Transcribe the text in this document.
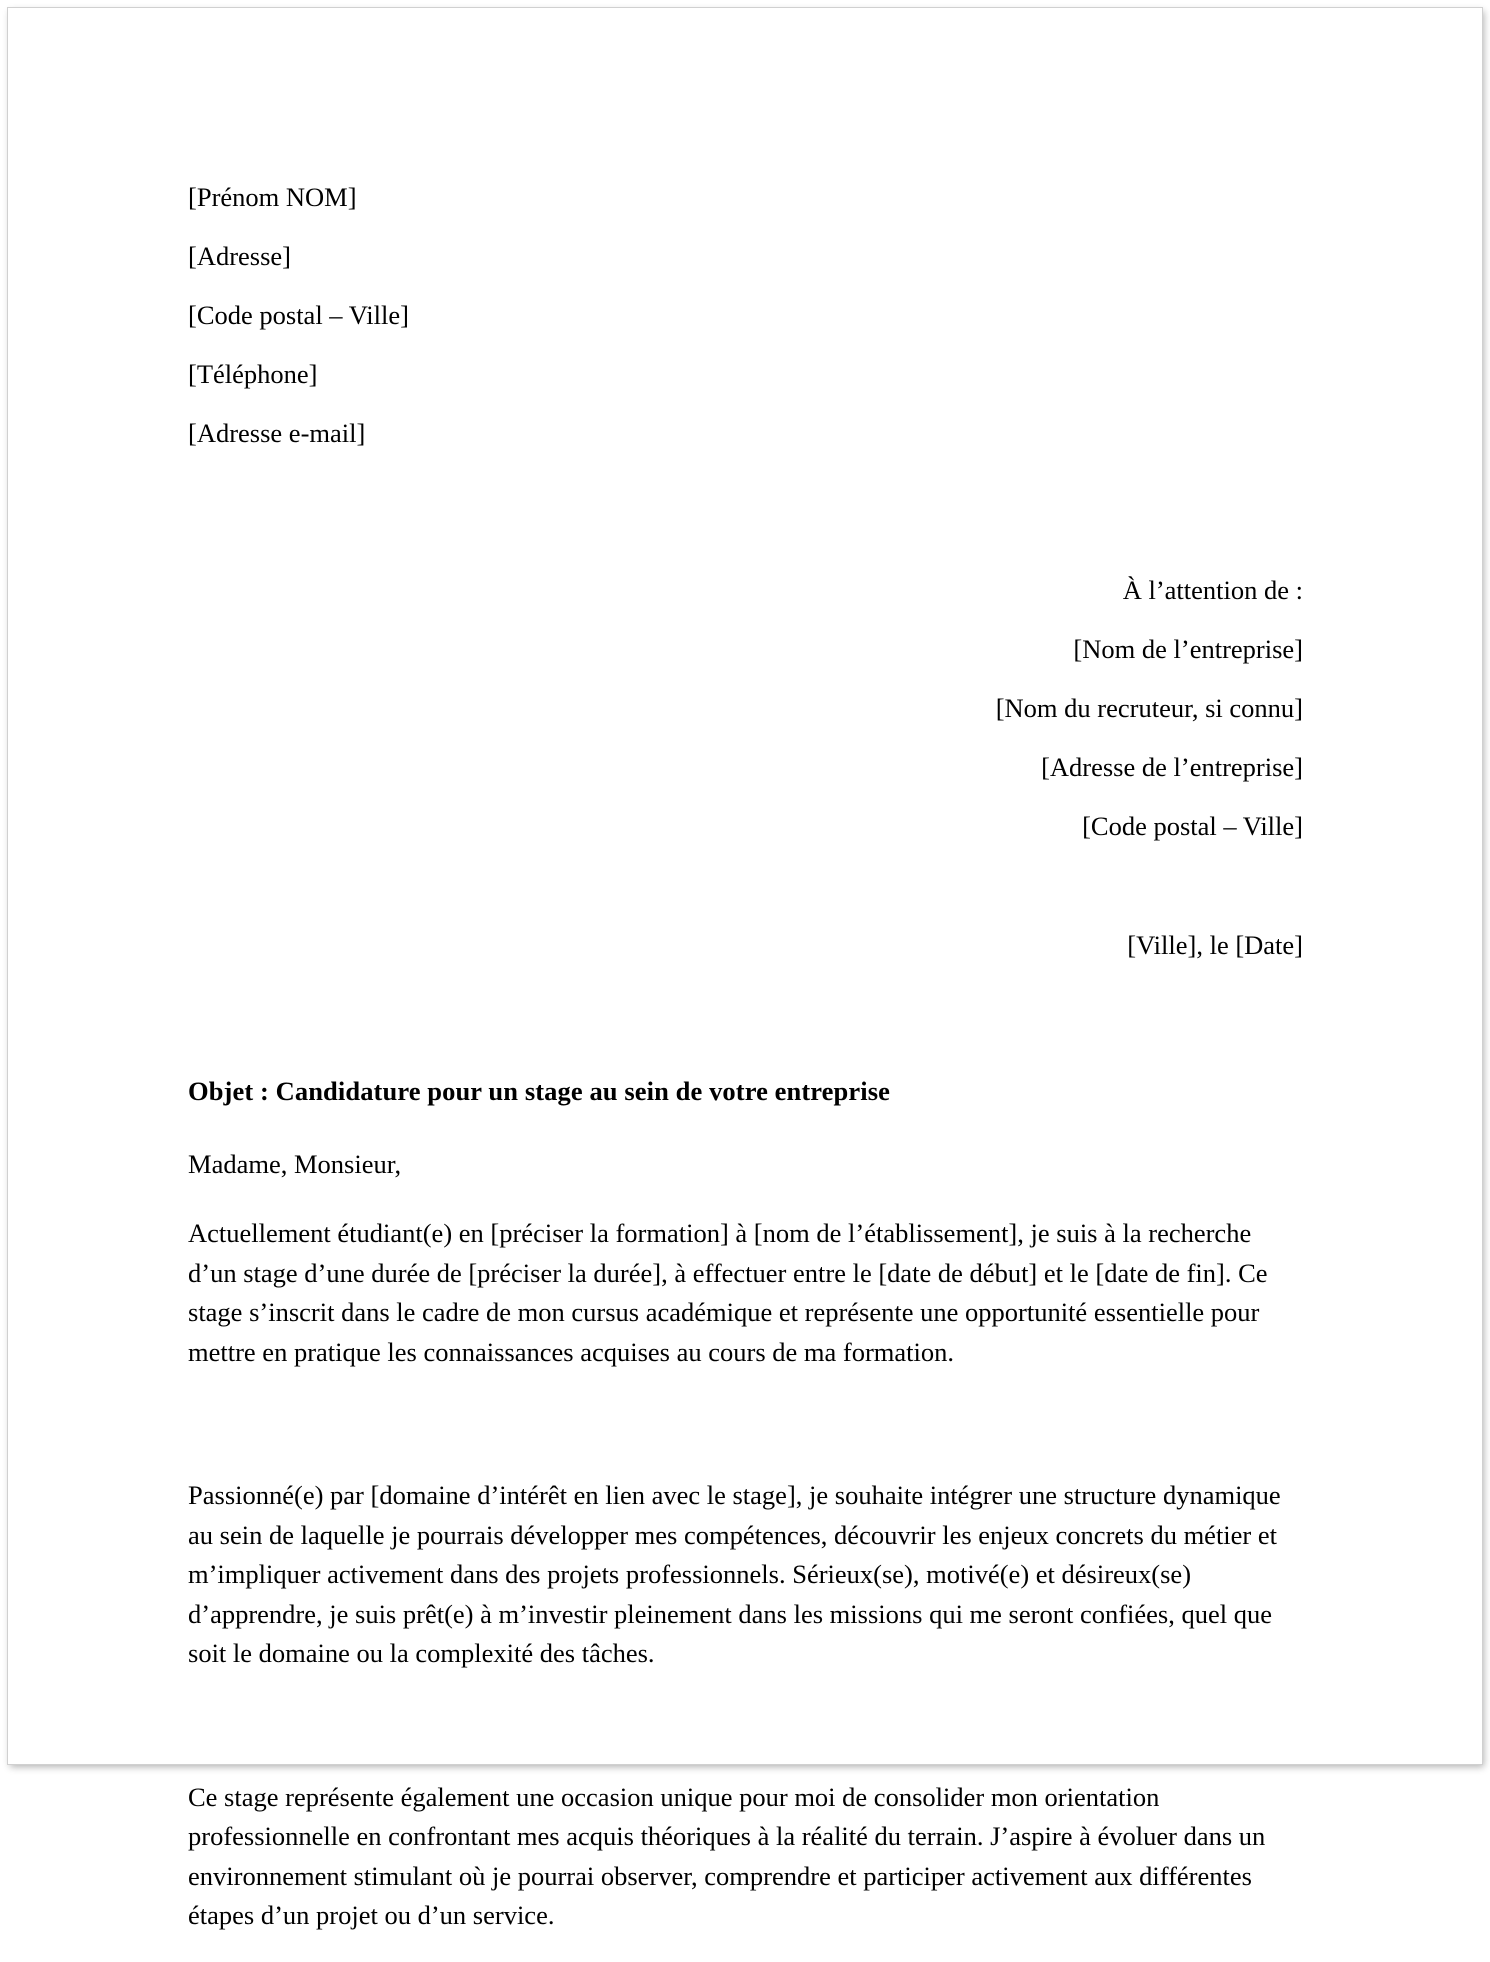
[Prénom NOM]
[Adresse]
[Code postal – Ville]
[Téléphone]
[Adresse e-mail]
À l’attention de :
[Nom de l’entreprise]
[Nom du recruteur, si connu]
[Adresse de l’entreprise]
[Code postal – Ville]
[Ville], le [Date]
Objet : Candidature pour un stage au sein de votre entreprise
Madame, Monsieur,

Actuellement étudiant(e) en [préciser la formation] à [nom de l’établissement], je suis à la recherche d’un stage d’une durée de [préciser la durée], à effectuer entre le [date de début] et le [date de fin]. Ce stage s’inscrit dans le cadre de mon cursus académique et représente une opportunité essentielle pour mettre en pratique les connaissances acquises au cours de ma formation.

Passionné(e) par [domaine d’intérêt en lien avec le stage], je souhaite intégrer une structure dynamique au sein de laquelle je pourrais développer mes compétences, découvrir les enjeux concrets du métier et m’impliquer activement dans des projets professionnels. Sérieux(se), motivé(e) et désireux(se) d’apprendre, je suis prêt(e) à m’investir pleinement dans les missions qui me seront confiées, quel que soit le domaine ou la complexité des tâches.

Ce stage représente également une occasion unique pour moi de consolider mon orientation professionnelle en confrontant mes acquis théoriques à la réalité du terrain. J’aspire à évoluer dans un environnement stimulant où je pourrai observer, comprendre et participer activement aux différentes étapes d’un projet ou d’un service.
